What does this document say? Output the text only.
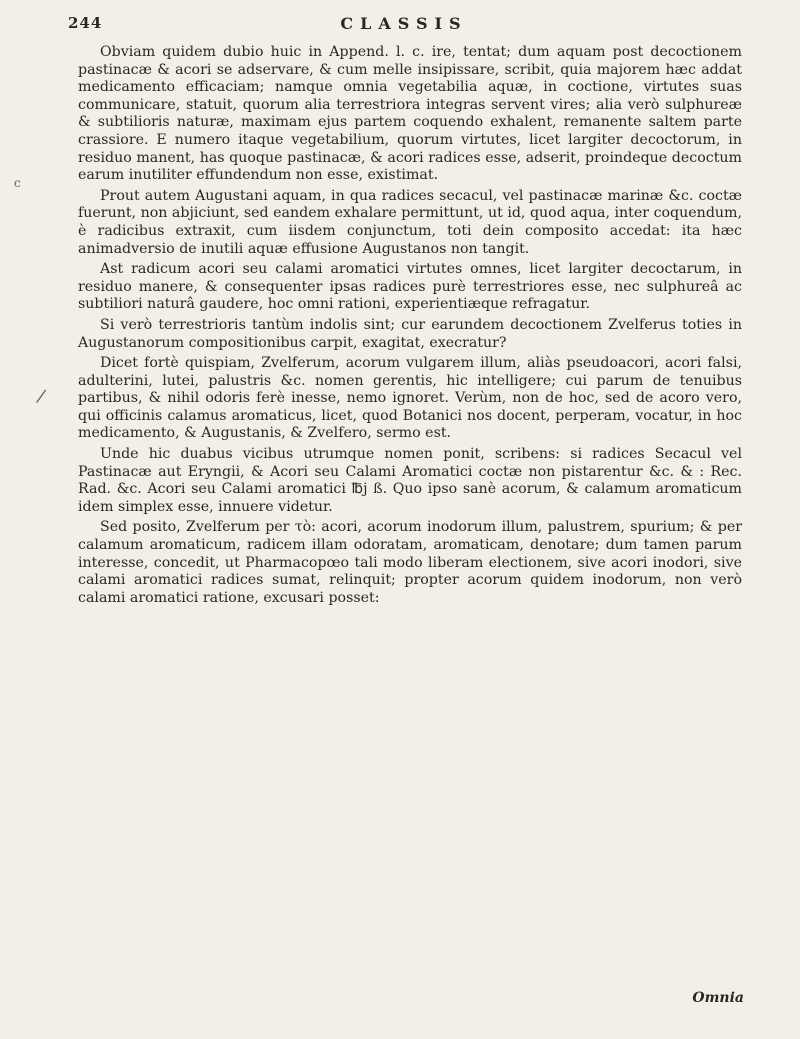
244	CLASSIS
c
/

Obviam quidem dubio huic in Append. l. c. ire, tentat; dum aquam post decoctionem pastinacæ & acori se adservare, & cum melle insipissare, scribit, quia majorem hæc addat medicamento efficaciam; namque omnia vegetabilia aquæ, in coctione, virtutes suas communicare, statuit, quorum alia terrestriora integras servent vires; alia verò sulphureæ & subtilioris naturæ, maximam ejus partem coquendo exhalent, remanente saltem parte crassiore. E numero itaque vegetabilium, quorum virtutes, licet largiter decoctorum, in residuo manent, has quoque pastinacæ, & acori radices esse, adserit, proindeque decoctum earum inutiliter effundendum non esse, existimat.

Prout autem Augustani aquam, in qua radices secacul, vel pastinacæ marinæ &c. coctæ fuerunt, non abjiciunt, sed eandem exhalare permittunt, ut id, quod aqua, inter coquendum, è radicibus extraxit, cum iisdem conjunctum, toti dein composito accedat: ita hæc animadversio de inutili aquæ effusione Augustanos non tangit.

Ast radicum acori seu calami aromatici virtutes omnes, licet largiter decoctarum, in residuo manere, & consequenter ipsas radices purè terrestriores esse, nec sulphureâ ac subtiliori naturâ gaudere, hoc omni rationi, experientiæque refragatur.

Si verò terrestrioris tantùm indolis sint; cur earundem decoctionem Zvelferus toties in Augustanorum compositionibus carpit, exagitat, execratur?

Dicet fortè quispiam, Zvelferum, acorum vulgarem illum, aliàs pseudoacori, acori falsi, adulterini, lutei, palustris &c. nomen gerentis, hic intelligere; cui parum de tenuibus partibus, & nihil odoris ferè inesse, nemo ignoret. Verùm, non de hoc, sed de acoro vero, qui officinis calamus aromaticus, licet, quod Botanici nos docent, perperam, vocatur, in hoc medicamento, & Augustanis, & Zvelfero, sermo est.

Unde hic duabus vicibus utrumque nomen ponit, scribens: si radices Secacul vel Pastinacæ aut Eryngii, & Acori seu Calami Aromatici coctæ non pistarentur &c. & : Rec. Rad. &c. Acori seu Calami aromatici ℔j ß. Quo ipso sanè acorum, & calamum aromaticum idem simplex esse, innuere videtur.

Sed posito, Zvelferum per τὸ: acori, acorum inodorum illum, palustrem, spurium; & per calamum aromaticum, radicem illam odoratam, aromaticam, denotare; dum tamen parum interesse, concedit, ut Pharmacopœo tali modo liberam electionem, sive acori inodori, sive calami aromatici radices sumat, relinquit; propter acorum quidem inodorum, non verò calami aromatici ratione, excusari posset:

Omnia
